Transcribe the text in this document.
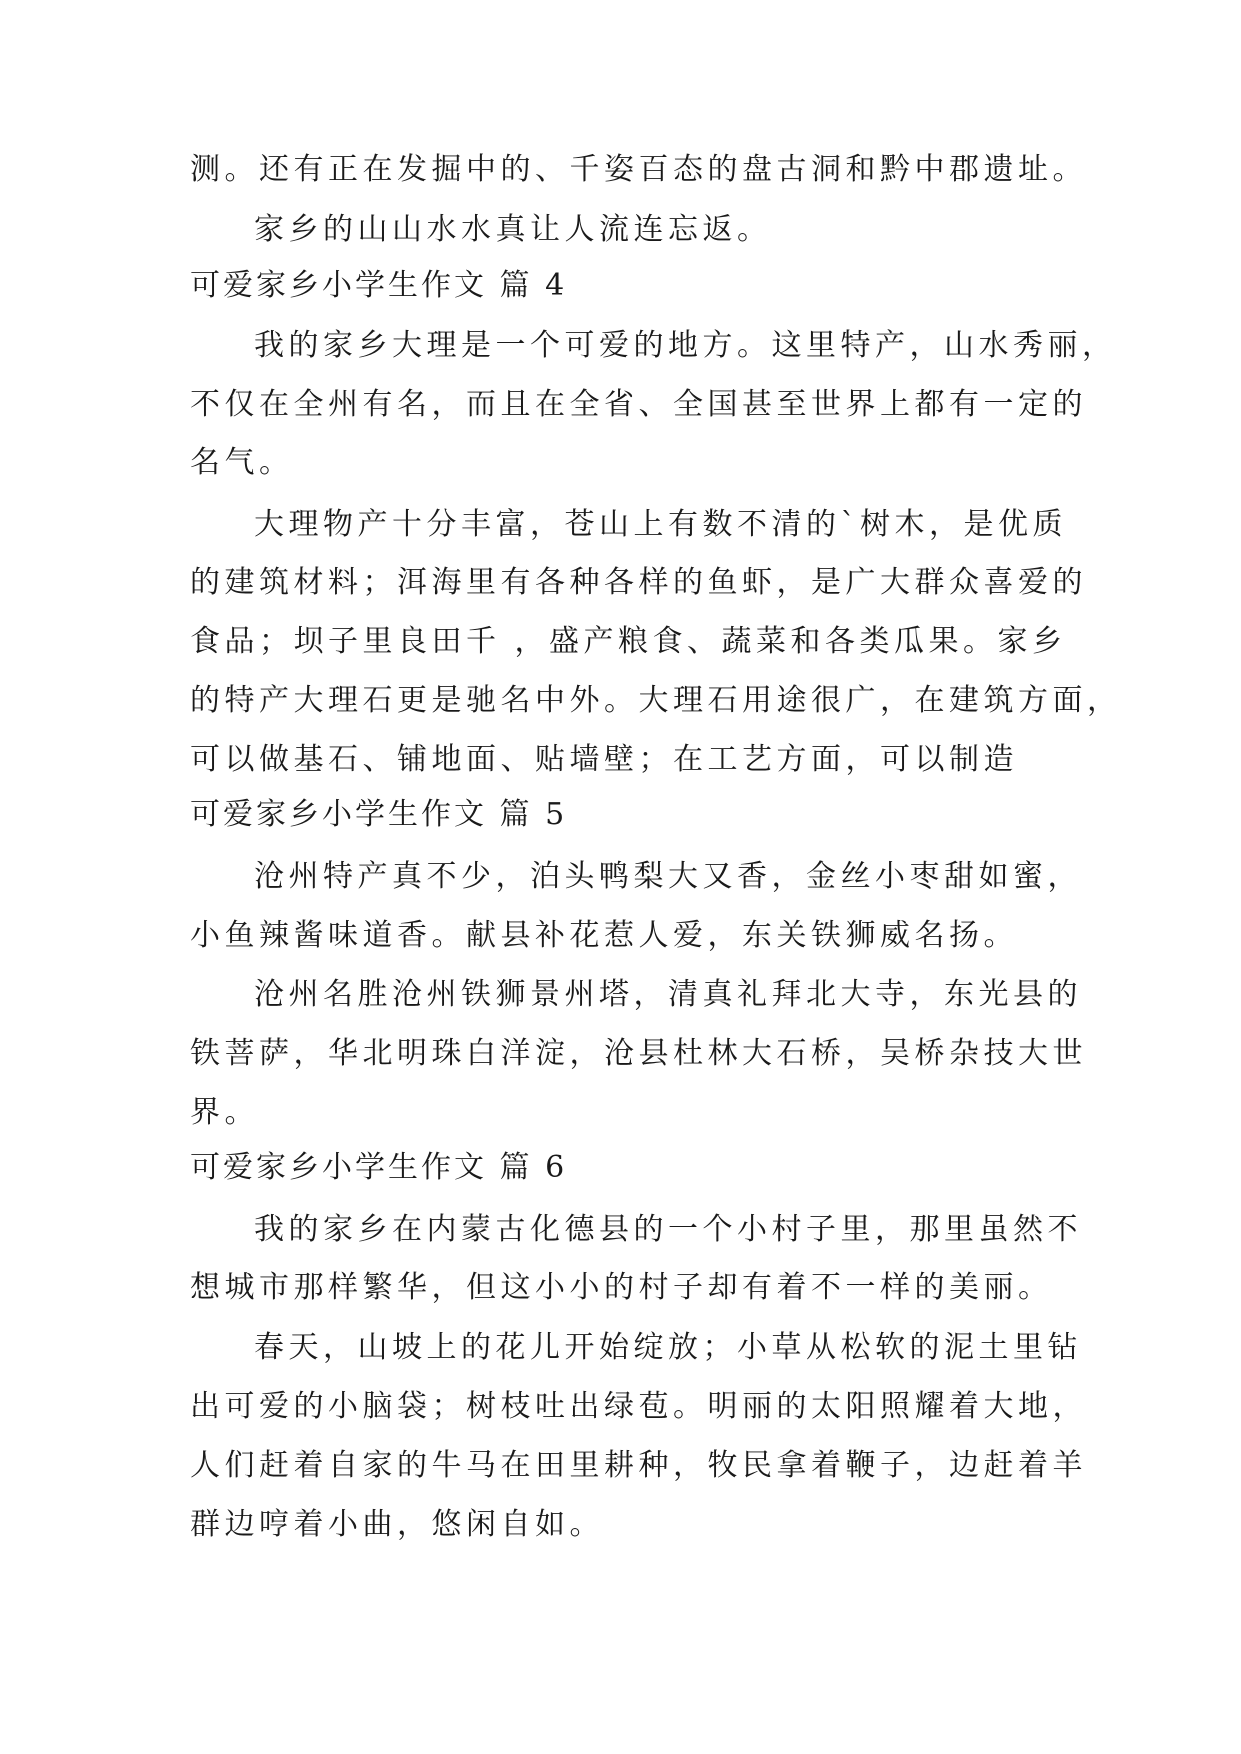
测。还有正在发掘中的、千姿百态的盘古洞和黔中郡遗址。
家乡的山山水水真让人流连忘返。
可爱家乡小学生作文 篇 4
我的家乡大理是一个可爱的地方。这里特产，山水秀丽，
不仅在全州有名，而且在全省、全国甚至世界上都有一定的
名气。
大理物产十分丰富，苍山上有数不清的`树木，是优质
的建筑材料；洱海里有各种各样的鱼虾，是广大群众喜爱的
食品；坝子里良田千 ，盛产粮食、蔬菜和各类瓜果。家乡
的特产大理石更是驰名中外。大理石用途很广，在建筑方面，
可以做基石、铺地面、贴墙壁；在工艺方面，可以制造
可爱家乡小学生作文 篇 5
沧州特产真不少，泊头鸭梨大又香，金丝小枣甜如蜜，
小鱼辣酱味道香。献县补花惹人爱，东关铁狮威名扬。
沧州名胜沧州铁狮景州塔，清真礼拜北大寺，东光县的
铁菩萨，华北明珠白洋淀，沧县杜林大石桥，吴桥杂技大世
界。
可爱家乡小学生作文 篇 6
我的家乡在内蒙古化德县的一个小村子里，那里虽然不
想城市那样繁华，但这小小的村子却有着不一样的美丽。
春天，山坡上的花儿开始绽放；小草从松软的泥土里钻
出可爱的小脑袋；树枝吐出绿苞。明丽的太阳照耀着大地，
人们赶着自家的牛马在田里耕种，牧民拿着鞭子，边赶着羊
群边哼着小曲，悠闲自如。
